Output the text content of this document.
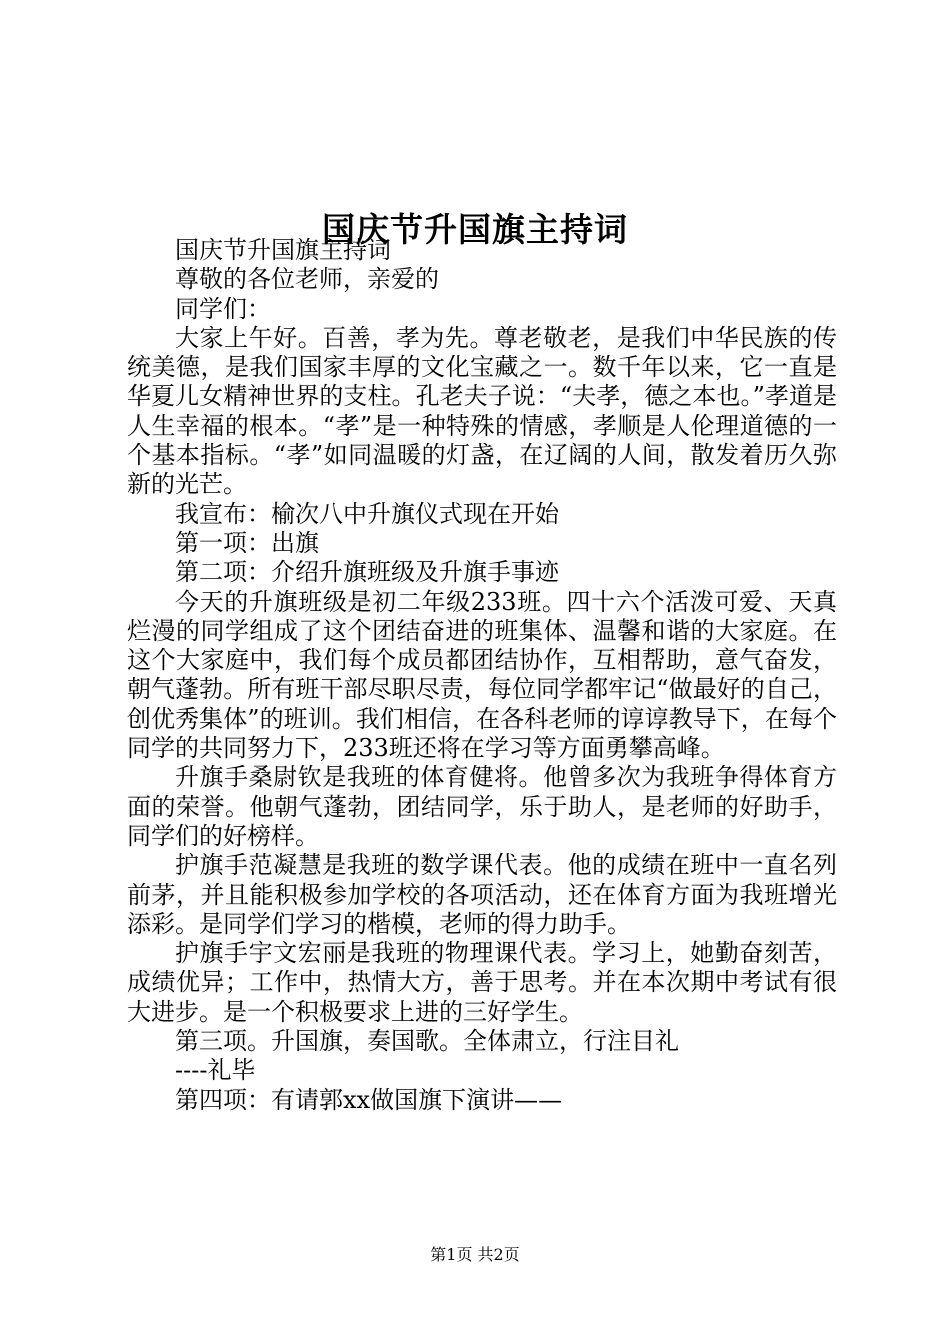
国庆节升国旗主持词

国庆节升国旗主持词

尊敬的各位老师，亲爱的

同学们：

大家上午好。百善，孝为先。尊老敬老，是我们中华民族的传统美德，是我们国家丰厚的文化宝藏之一。数千年以来，它一直是华夏儿女精神世界的支柱。孔老夫子说：“夫孝，德之本也。”孝道是人生幸福的根本。“孝”是一种特殊的情感，孝顺是人伦理道德的一个基本指标。“孝”如同温暖的灯盏，在辽阔的人间，散发着历久弥新的光芒。

我宣布：榆次八中升旗仪式现在开始

第一项：出旗

第二项：介绍升旗班级及升旗手事迹

今天的升旗班级是初二年级233班。四十六个活泼可爱、天真烂漫的同学组成了这个团结奋进的班集体、温馨和谐的大家庭。在这个大家庭中，我们每个成员都团结协作，互相帮助，意气奋发，朝气蓬勃。所有班干部尽职尽责，每位同学都牢记“做最好的自己，创优秀集体”的班训。我们相信，在各科老师的谆谆教导下，在每个同学的共同努力下，233班还将在学习等方面勇攀高峰。

升旗手桑尉钦是我班的体育健将。他曾多次为我班争得体育方面的荣誉。他朝气蓬勃，团结同学，乐于助人，是老师的好助手，同学们的好榜样。

护旗手范凝慧是我班的数学课代表。他的成绩在班中一直名列前茅，并且能积极参加学校的各项活动，还在体育方面为我班增光添彩。是同学们学习的楷模，老师的得力助手。

护旗手宇文宏丽是我班的物理课代表。学习上，她勤奋刻苦，成绩优异；工作中，热情大方，善于思考。并在本次期中考试有很大进步。是一个积极要求上进的三好学生。

第三项。升国旗，奏国歌。全体肃立，行注目礼

----礼毕

第四项：有请郭xx做国旗下演讲——

第1页 共2页
